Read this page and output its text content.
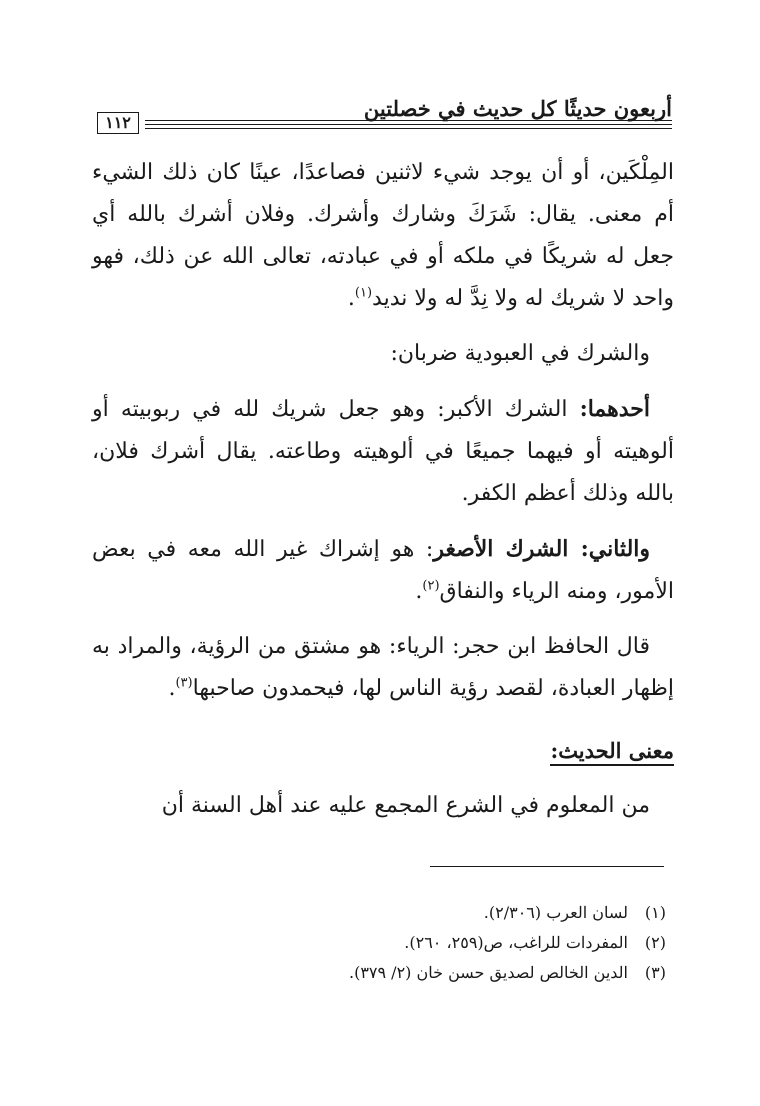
أربعون حديثًا كل حديث في خصلتين
١١٢

المِلْكَين، أو أن يوجد شيء لاثنين فصاعدًا، عينًا كان ذلك الشيء أم معنى. يقال: شَرَكَ وشارك وأشرك. وفلان أشرك بالله أي جعل له شريكًا في ملكه أو في عبادته، تعالى الله عن ذلك، فهو واحد لا شريك له ولا نِدَّ له ولا نديد$^{(١)}$.

والشرك في العبودية ضربان:

أحدهما: الشرك الأكبر: وهو جعل شريك لله في ربوبيته أو ألوهيته أو فيهما جميعًا في ألوهيته وطاعته. يقال أشرك فلان، بالله وذلك أعظم الكفر.

والثاني: الشرك الأصغر: هو إشراك غير الله معه في بعض الأمور، ومنه الرياء والنفاق$^{(٢)}$.

قال الحافظ ابن حجر: الرياء: هو مشتق من الرؤية، والمراد به إظهار العبادة، لقصد رؤية الناس لها، فيحمدون صاحبها$^{(٣)}$.

معنى الحديث:

من المعلوم في الشرع المجمع عليه عند أهل السنة أن

(١)لسان العرب (٢/٣٠٦).
(٢)المفردات للراغب، ص(٢٥٩، ٢٦٠).
(٣)الدين الخالص لصديق حسن خان (٢/ ٣٧٩).
